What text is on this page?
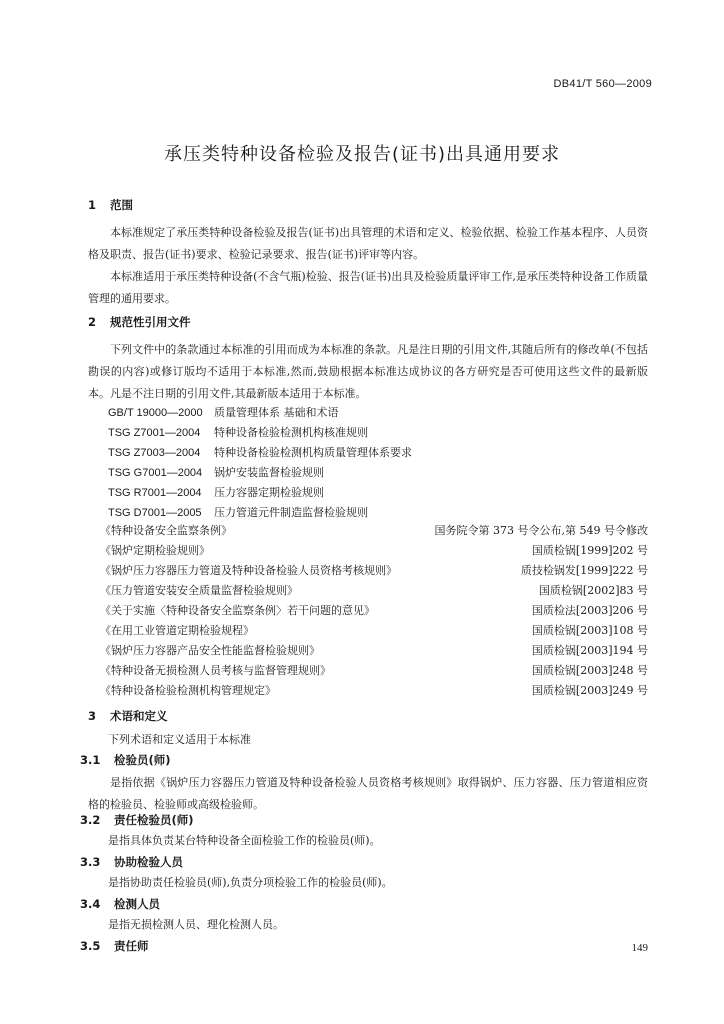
DB41/T 560—2009
承压类特种设备检验及报告(证书)出具通用要求
1 范围
本标准规定了承压类特种设备检验及报告(证书)出具管理的术语和定义、检验依据、检验工作基本程序、人员资格及职责、报告(证书)要求、检验记录要求、报告(证书)评审等内容。
本标准适用于承压类特种设备(不含气瓶)检验、报告(证书)出具及检验质量评审工作,是承压类特种设备工作质量管理的通用要求。
2 规范性引用文件
下列文件中的条款通过本标准的引用而成为本标准的条款。凡是注日期的引用文件,其随后所有的修改单(不包括勘误的内容)或修订版均不适用于本标准,然而,鼓励根据本标准达成协议的各方研究是否可使用这些文件的最新版本。凡是不注日期的引用文件,其最新版本适用于本标准。
GB/T 19000—2000 质量管理体系 基础和术语
TSG Z7001—2004 特种设备检验检测机构核准规则
TSG Z7003—2004 特种设备检验检测机构质量管理体系要求
TSG G7001—2004 锅炉安装监督检验规则
TSG R7001—2004 压力容器定期检验规则
TSG D7001—2005 压力管道元件制造监督检验规则
《特种设备安全监察条例》	国务院令第 373 号令公布,第 549 号令修改
《锅炉定期检验规则》	国质检锅[1999]202 号
《锅炉压力容器压力管道及特种设备检验人员资格考核规则》	质技检锅发[1999]222 号
《压力管道安装安全质量监督检验规则》	国质检锅[2002]83 号
《关于实施〈特种设备安全监察条例〉若干问题的意见》	国质检法[2003]206 号
《在用工业管道定期检验规程》	国质检锅[2003]108 号
《锅炉压力容器产品安全性能监督检验规则》	国质检锅[2003]194 号
《特种设备无损检测人员考核与监督管理规则》	国质检锅[2003]248 号
《特种设备检验检测机构管理规定》	国质检锅[2003]249 号
3 术语和定义
下列术语和定义适用于本标准
3.1 检验员(师)
是指依据《锅炉压力容器压力管道及特种设备检验人员资格考核规则》取得锅炉、压力容器、压力管道相应资格的检验员、检验师或高级检验师。
3.2 责任检验员(师)
是指具体负责某台特种设备全面检验工作的检验员(师)。
3.3 协助检验人员
是指协助责任检验员(师),负责分项检验工作的检验员(师)。
3.4 检测人员
是指无损检测人员、理化检测人员。
3.5 责任师	149
